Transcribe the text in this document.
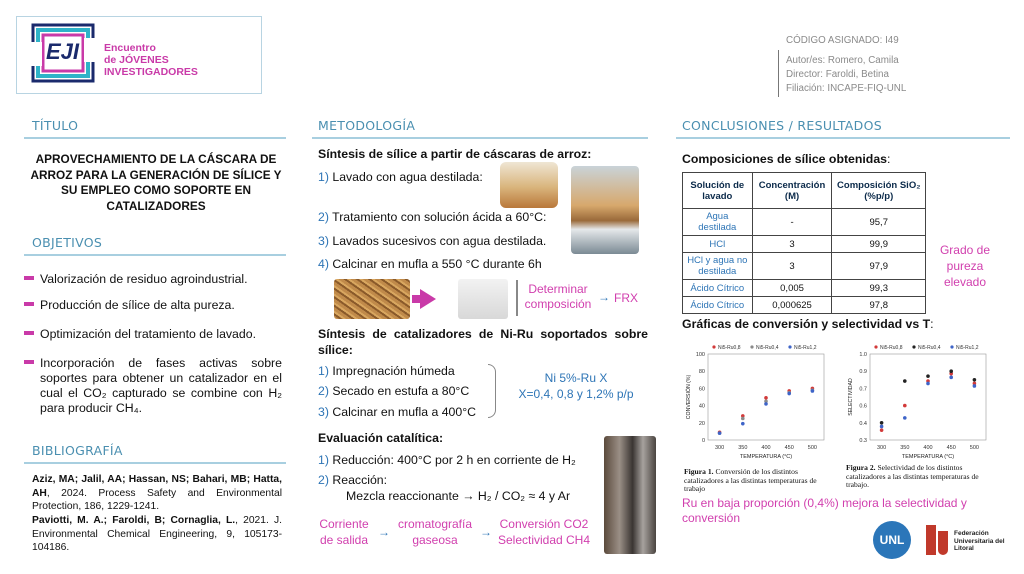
EJI Encuentro
de JÓVENES
INVESTIGADORES
CÓDIGO ASIGNADO: I49
Autor/es: Romero, Camila
Director: Faroldi, Betina
Filiación: INCAPE-FIQ-UNL
TÍTULO
APROVECHAMIENTO DE LA CÁSCARA DE ARROZ PARA LA GENERACIÓN DE SÍLICE Y SU EMPLEO COMO SOPORTE EN CATALIZADORES
OBJETIVOS
Valorización de residuo agroindustrial.
Producción de sílice de alta pureza.
Optimización del tratamiento de lavado.
Incorporación de fases activas sobre soportes para obtener un catalizador en el cual el CO₂ capturado se combine con H₂ para producir CH₄.
BIBLIOGRAFÍA
Aziz, MA; Jalil, AA; Hassan, NS; Bahari, MB; Hatta, AH, 2024. Process Safety and Environmental Protection, 186, 1229-1241.
Paviotti, M. A.; Faroldi, B; Cornaglia, L., 2021. J. Environmental Chemical Engineering, 9, 105173-104186.
METODOLOGÍA
Síntesis de sílice a partir de cáscaras de arroz:
1) Lavado con agua destilada:
2) Tratamiento con solución ácida a 60°C:
3) Lavados sucesivos con agua destilada.
4) Calcinar en mufla a 550 °C durante 6h
Determinar composición → FRX
Síntesis de catalizadores de Ni-Ru soportados sobre sílice:
1) Impregnación húmeda
2) Secado en estufa a 80°C
3) Calcinar en mufla a 400°C
Ni 5%-Ru X
X=0,4, 0,8 y 1,2% p/p
Evaluación catalítica:
1) Reducción: 400°C por 2 h en corriente de H₂
2) Reacción:
Mezcla reaccionante → H₂ / CO₂ ≈ 4 y Ar
Corriente de salida
→
cromatografía gaseosa
→
Conversión CO2 Selectividad CH4
CONCLUSIONES / RESULTADOS
Composiciones de sílice obtenidas:
Solución de lavado	Concentración (M)	Composición SiO₂ (%p/p)
Agua destilada	-	95,7
HCl	3	99,9
HCl y agua no destilada	3	97,9
Ácido Cítrico	0,005	99,3
Ácido Cítrico	0,000625	97,8
Grado de pureza elevado
Gráficas de conversión y selectividad vs T:
300	350	400	450	500
0
20
40
60
80
100
TEMPERATURA (°C)
CONVERSIÓN (%)
Ni5-Ru0,8	Ni5-Ru0,4	Ni5-Ru1,2
Figura 1. Conversión de los distintos catalizadores a las distintas temperaturas de trabajo
300	350	400	450	500
0.3
0.4
0.6
0.7
0.9
1.0
TEMPERATURA (°C)
SELECTIVIDAD
Ni5-Ru0,8	Ni5-Ru0,4	Ni5-Ru1,2
Figura 2. Selectividad de los distintos catalizadores a las distintas temperaturas de trabajo.
Ru en baja proporción (0,4%) mejora la selectividad y conversión
UNL	Federación Universitaria del Litoral
